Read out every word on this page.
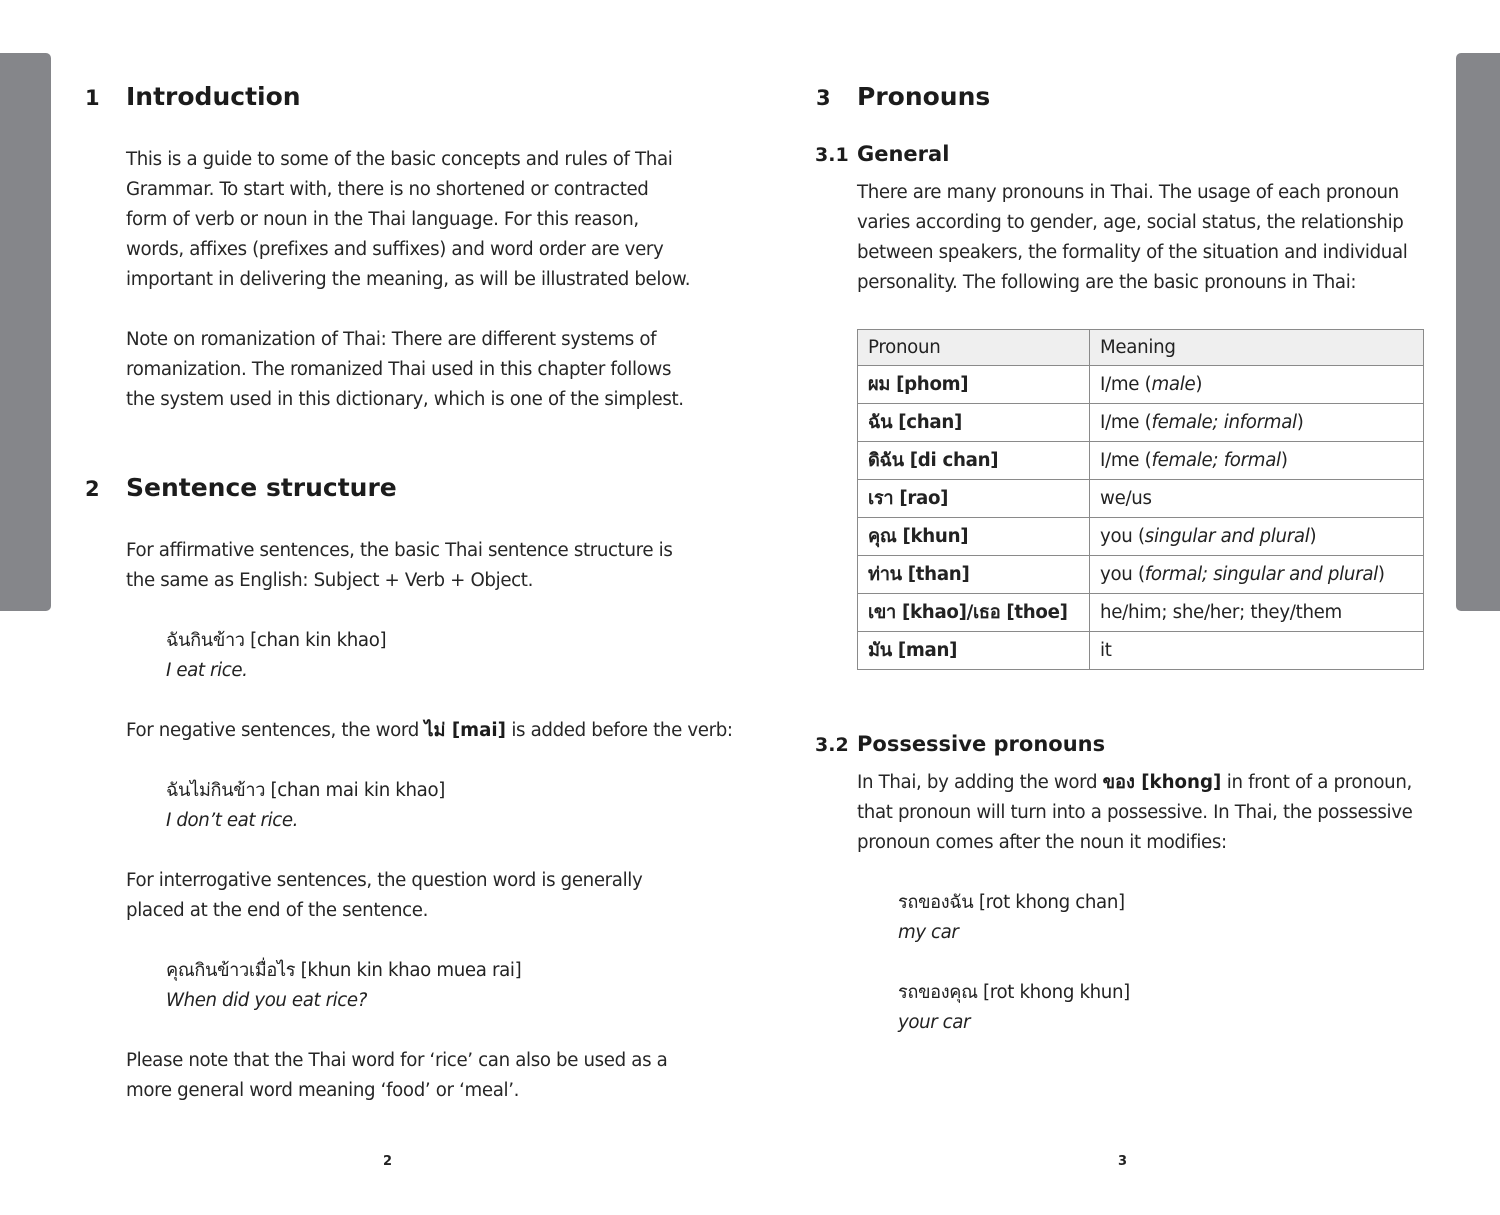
1 Introduction
This is a guide to some of the basic concepts and rules of Thai
Grammar. To start with, there is no shortened or contracted
form of verb or noun in the Thai language. For this reason,
words, affixes (prefixes and suffixes) and word order are very
important in delivering the meaning, as will be illustrated below.
Note on romanization of Thai: There are different systems of
romanization. The romanized Thai used in this chapter follows
the system used in this dictionary, which is one of the simplest.
2 Sentence structure
For affirmative sentences, the basic Thai sentence structure is
the same as English: Subject + Verb + Object.
ฉันกินข้าว [chan kin khao]
I eat rice.
For negative sentences, the word ไม่ [mai] is added before the verb:
ฉันไม่กินข้าว [chan mai kin khao]
I don’t eat rice.
For interrogative sentences, the question word is generally
placed at the end of the sentence.
คุณกินข้าวเมื่อไร [khun kin khao muea rai]
When did you eat rice?
Please note that the Thai word for ‘rice’ can also be used as a
more general word meaning ‘food’ or ‘meal’.
2
3 Pronouns
3.1 General
There are many pronouns in Thai. The usage of each pronoun
varies according to gender, age, social status, the relationship
between speakers, the formality of the situation and individual
personality. The following are the basic pronouns in Thai:
Pronoun	Meaning
ผม [phom]	I/me (male)
ฉัน [chan]	I/me (female; informal)
ดิฉัน [di chan]	I/me (female; formal)
เรา [rao]	we/us
คุณ [khun]	you (singular and plural)
ท่าน [than]	you (formal; singular and plural)
เขา [khao]/เธอ [thoe]	he/him; she/her; they/them
มัน [man]	it
3.2 Possessive pronouns
In Thai, by adding the word ของ [khong] in front of a pronoun,
that pronoun will turn into a possessive. In Thai, the possessive
pronoun comes after the noun it modifies:
รถของฉัน [rot khong chan]
my car
รถของคุณ [rot khong khun]
your car
3
